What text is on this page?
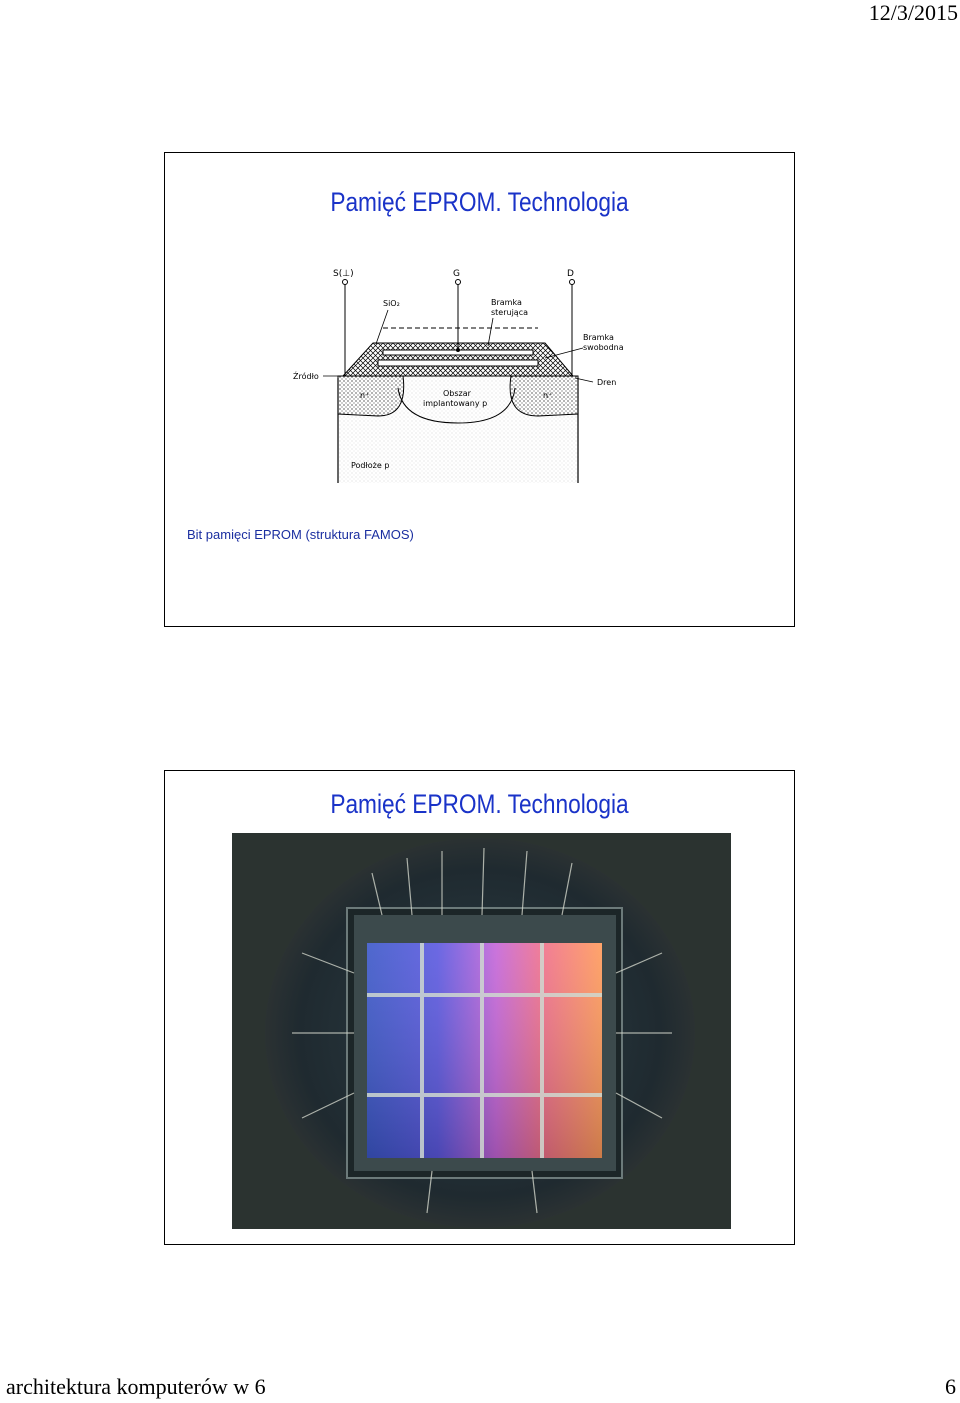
12/3/2015
Pamięć EPROM. Technologia
S(⊥)	G	D
SiO₂	Bramka
sterująca
Bramka
swobodna
Źródło
Dren
n⁺	n⁺
Obszar
implantowany p
Podłoże p
Bit pamięci EPROM (struktura FAMOS)
Pamięć EPROM. Technologia
architektura komputerów w 6	6
